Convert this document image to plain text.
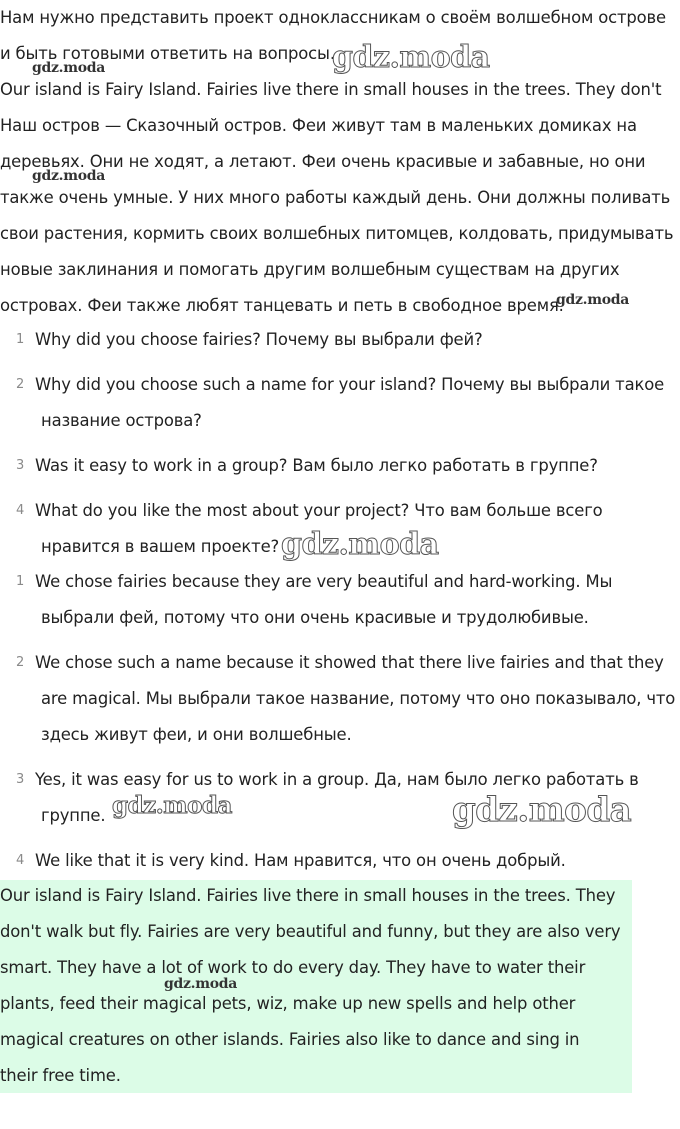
Нам нужно представить проект одноклассникам о своём волшебном острове
и быть готовыми ответить на вопросы.
Our island is Fairy Island. Fairies live there in small houses in the trees. They don't
Наш остров — Сказочный остров. Феи живут там в маленьких домиках на
деревьях. Они не ходят, а летают. Феи очень красивые и забавные, но они
также очень умные. У них много работы каждый день. Они должны поливать
свои растения, кормить своих волшебных питомцев, колдовать, придумывать
новые заклинания и помогать другим волшебным существам на других
островах. Феи также любят танцевать и петь в свободное время.
1 Why did you choose fairies? Почему вы выбрали фей?
2 Why did you choose such a name for your island? Почему вы выбрали такое
название острова?
3 Was it easy to work in a group? Вам было легко работать в группе?
4 What do you like the most about your project? Что вам больше всего
нравится в вашем проекте?
1 We chose fairies because they are very beautiful and hard-working. Мы
выбрали фей, потому что они очень красивые и трудолюбивые.
2 We chose such a name because it showed that there live fairies and that they
are magical. Мы выбрали такое название, потому что оно показывало, что
здесь живут феи, и они волшебные.
3 Yes, it was easy for us to work in a group. Да, нам было легко работать в
группе.
4 We like that it is very kind. Нам нравится, что он очень добрый.
Our island is Fairy Island. Fairies live there in small houses in the trees. They
don't walk but fly. Fairies are very beautiful and funny, but they are also very
smart. They have a lot of work to do every day. They have to water their
plants, feed their magical pets, wiz, make up new spells and help other
magical creatures on other islands. Fairies also like to dance and sing in
their free time.
gdz.moda
gdz.moda
gdz.moda
gdz.moda
gdz.moda
gdz.moda	gdz.moda
gdz.moda
